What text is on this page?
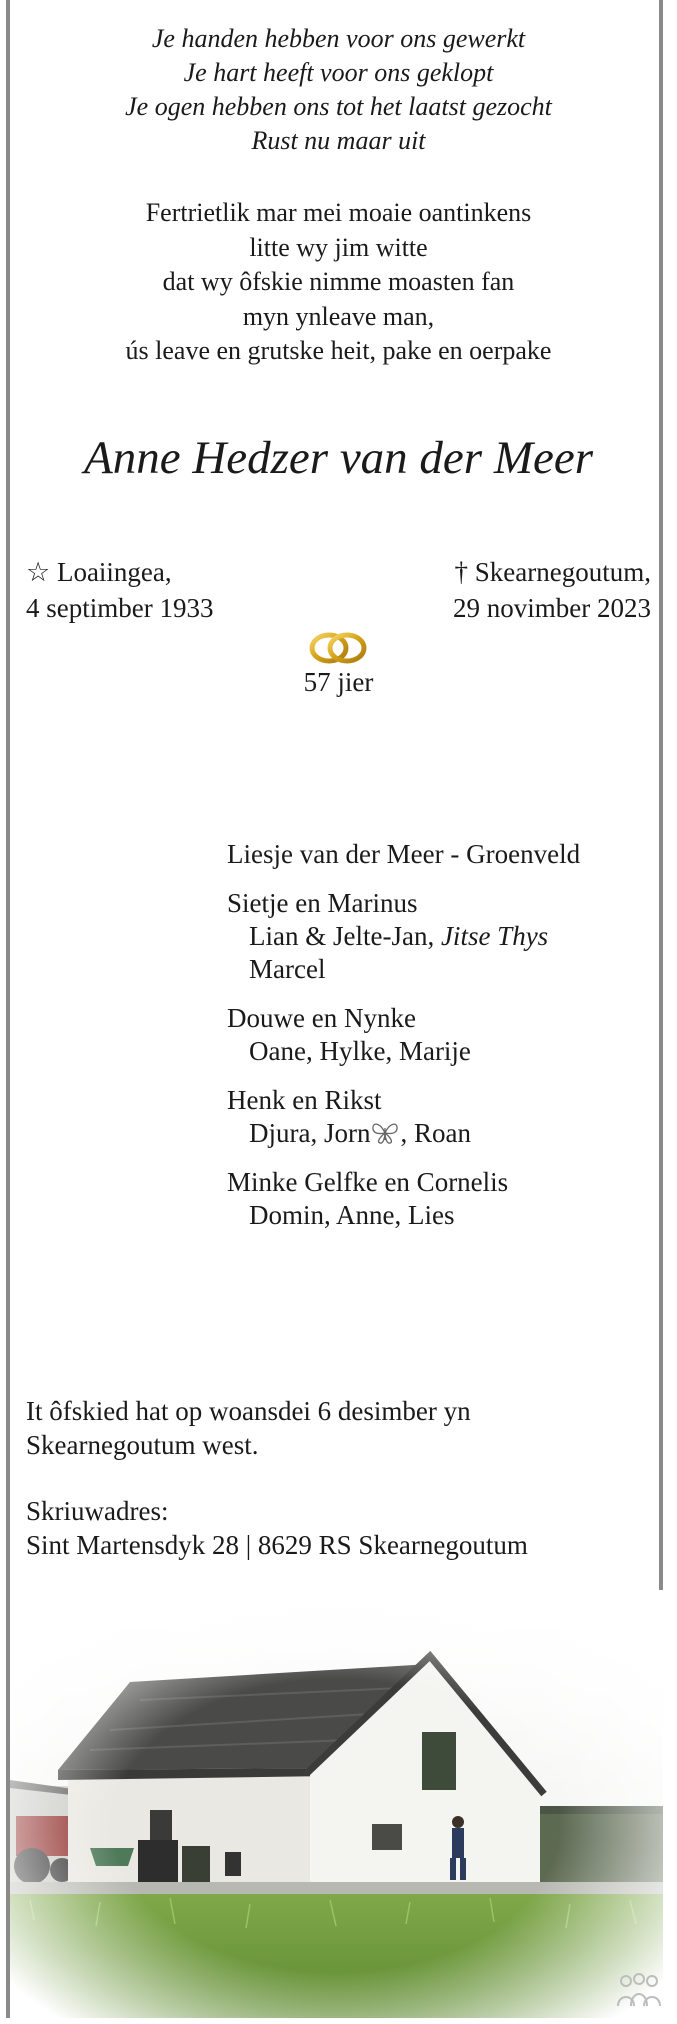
Je handen hebben voor ons gewerkt
Je hart heeft voor ons geklopt
Je ogen hebben ons tot het laatst gezocht
Rust nu maar uit
Fertrietlik mar mei moaie oantinkens
litte wy jim witte
dat wy ôfskie nimme moasten fan
myn ynleave man,
ús leave en grutske heit, pake en oerpake
Anne Hedzer van der Meer
☆ Loaiingea,
4 septimber 1933
† Skearnegoutum,
29 novimber 2023
57 jier
Liesje van der Meer - Groenveld
Sietje en Marinus
Lian & Jelte-Jan, Jitse Thys
Marcel
Douwe en Nynke
Oane, Hylke, Marije
Henk en Rikst
Djura, Jorn , Roan
Minke Gelfke en Cornelis
Domin, Anne, Lies
It ôfskied hat op woansdei 6 desimber yn
Skearnegoutum west.
Skriuwadres:
Sint Martensdyk 28 | 8629 RS Skearnegoutum
